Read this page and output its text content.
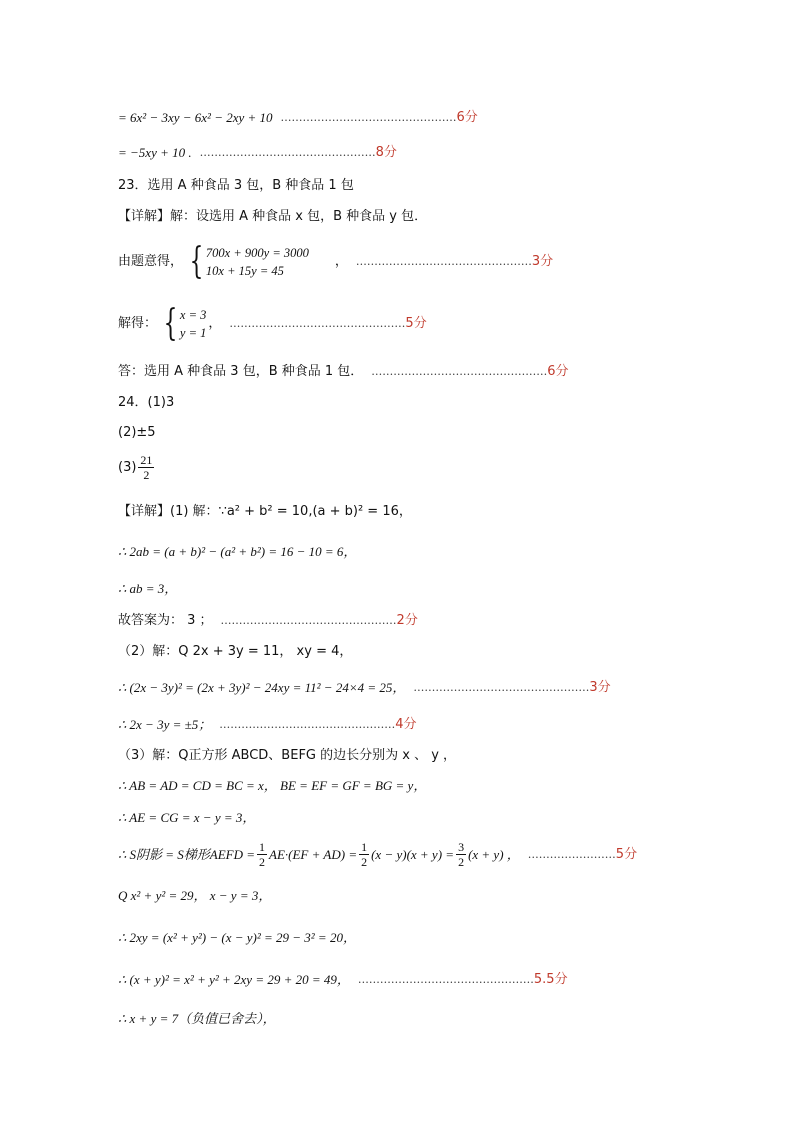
= 6x² − 3xy − 6x² − 2xy + 10 ………………………………………… 6分
= −5xy + 10 . ………………………………………… 8分
23．选用 A 种食品 3 包，B 种食品 1 包
【详解】解：设选用 A 种食品 x 包，B 种食品 y 包．
由题意得， { 700x + 900y = 3000
10x + 15y = 45
， ………………………………………… 3分
解得： { x = 3
y = 1
， ………………………………………… 5分
答：选用 A 种食品 3 包，B 种食品 1 包． ………………………………………… 6分
24．(1)3
(2)±5
$(3) \frac{21}{2}$
【详解】(1) 解：∵a² + b² = 10,(a + b)² = 16，
∴ 2ab = (a + b)² − (a² + b²) = 16 − 10 = 6，
∴ ab = 3，
故答案为： 3 ； ………………………………………… 2分
（2）解：Q 2x + 3y = 11， xy = 4，
∴ (2x − 3y)² = (2x + 3y)² − 24xy = 11² − 24×4 = 25， ………………………………………… 3分
∴ 2x − 3y = ±5； ………………………………………… 4分
（3）解：Q正方形 ABCD、BEFG 的边长分别为 x 、 y ，
∴ AB = AD = CD = BC = x， BE = EF = GF = BG = y，
∴ AE = CG = x − y = 3，
∴ S阴影 = S梯形AEFD = $\frac{1}{2} AE\cdot(EF + AD) = \frac{1}{2} (x - y)(x + y) = \frac{3}{2} (x + y)$ ， …………………… 5分
Q x² + y² = 29， x − y = 3，
∴ 2xy = (x² + y²) − (x − y)² = 29 − 3² = 20，
∴ (x + y)² = x² + y² + 2xy = 29 + 20 = 49， ………………………………………… 5.5分
∴ x + y = 7（负值已舍去），
